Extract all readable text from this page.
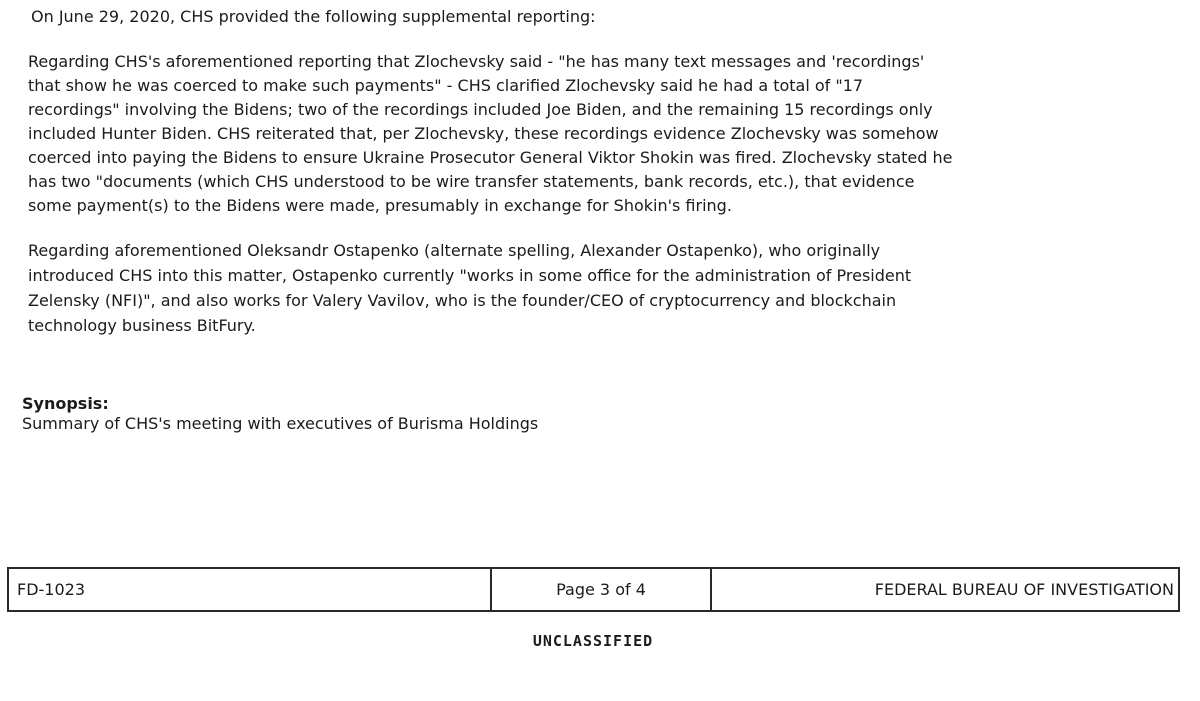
On June 29, 2020, CHS provided the following supplemental reporting:
Regarding CHS's aforementioned reporting that Zlochevsky said - "he has many text messages and 'recordings'
that show he was coerced to make such payments" - CHS clarified Zlochevsky said he had a total of "17
recordings" involving the Bidens; two of the recordings included Joe Biden, and the remaining 15 recordings only
included Hunter Biden. CHS reiterated that, per Zlochevsky, these recordings evidence Zlochevsky was somehow
coerced into paying the Bidens to ensure Ukraine Prosecutor General Viktor Shokin was fired. Zlochevsky stated he
has two "documents (which CHS understood to be wire transfer statements, bank records, etc.), that evidence
some payment(s) to the Bidens were made, presumably in exchange for Shokin's firing.
Regarding aforementioned Oleksandr Ostapenko (alternate spelling, Alexander Ostapenko), who originally
introduced CHS into this matter, Ostapenko currently "works in some office for the administration of President
Zelensky (NFI)", and also works for Valery Vavilov, who is the founder/CEO of cryptocurrency and blockchain
technology business BitFury.
Synopsis:
Summary of CHS's meeting with executives of Burisma Holdings
FD-1023	Page 3 of 4	FEDERAL BUREAU OF INVESTIGATION
UNCLASSIFIED
